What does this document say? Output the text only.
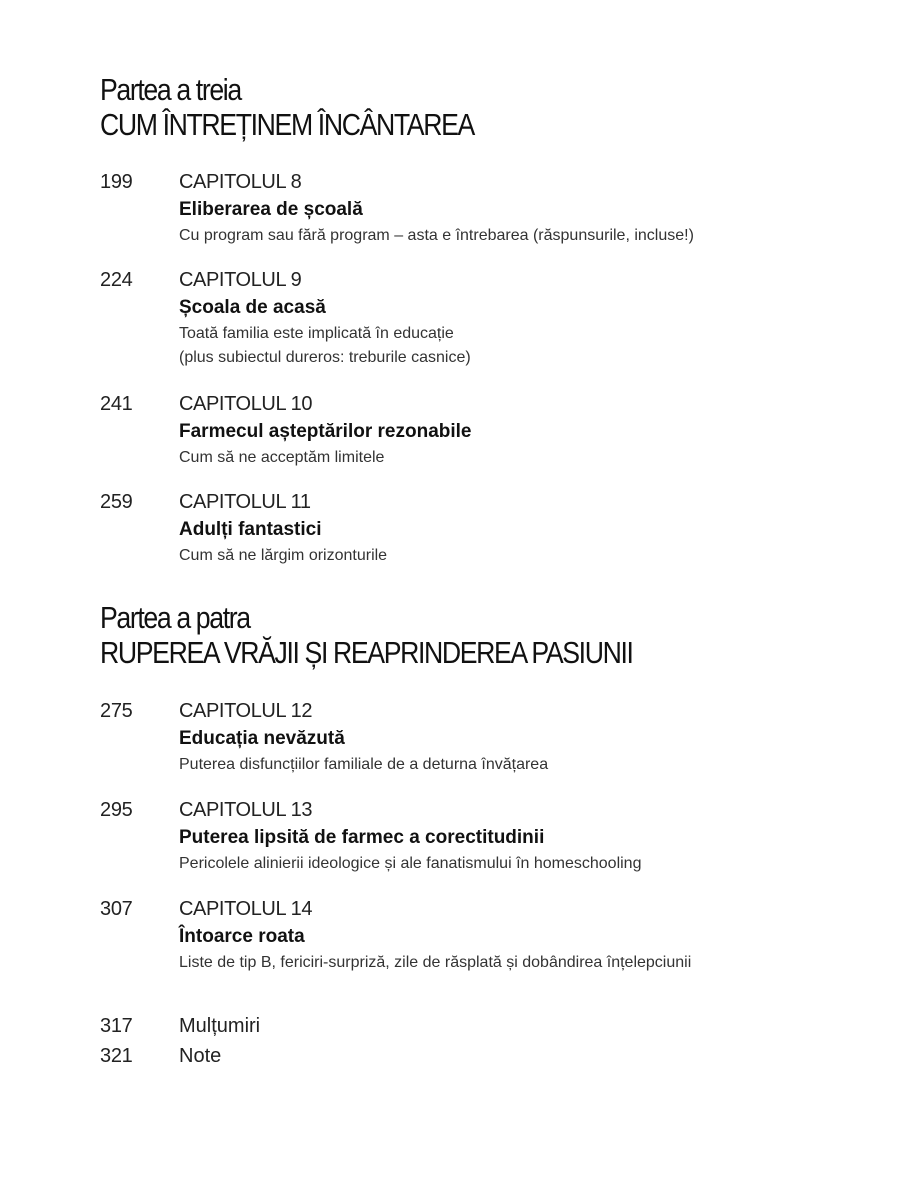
Partea a treia
CUM ÎNTREȚINEM ÎNCÂNTAREA
199 CAPITOLUL 8
Eliberarea de școală
Cu program sau fără program – asta e întrebarea (răspunsurile, incluse!)
224 CAPITOLUL 9
Școala de acasă
Toată familia este implicată în educație
(plus subiectul dureros: treburile casnice)
241 CAPITOLUL 10
Farmecul așteptărilor rezonabile
Cum să ne acceptăm limitele
259 CAPITOLUL 11
Adulți fantastici
Cum să ne lărgim orizonturile
Partea a patra
RUPEREA VRĂJII ȘI REAPRINDEREA PASIUNII
275 CAPITOLUL 12
Educația nevăzută
Puterea disfuncțiilor familiale de a deturna învățarea
295 CAPITOLUL 13
Puterea lipsită de farmec a corectitudinii
Pericolele alinierii ideologice și ale fanatismului în homeschooling
307 CAPITOLUL 14
Întoarce roata
Liste de tip B, fericiri-surpriză, zile de răsplată și dobândirea înțelepciunii
317 Mulțumiri
321 Note
